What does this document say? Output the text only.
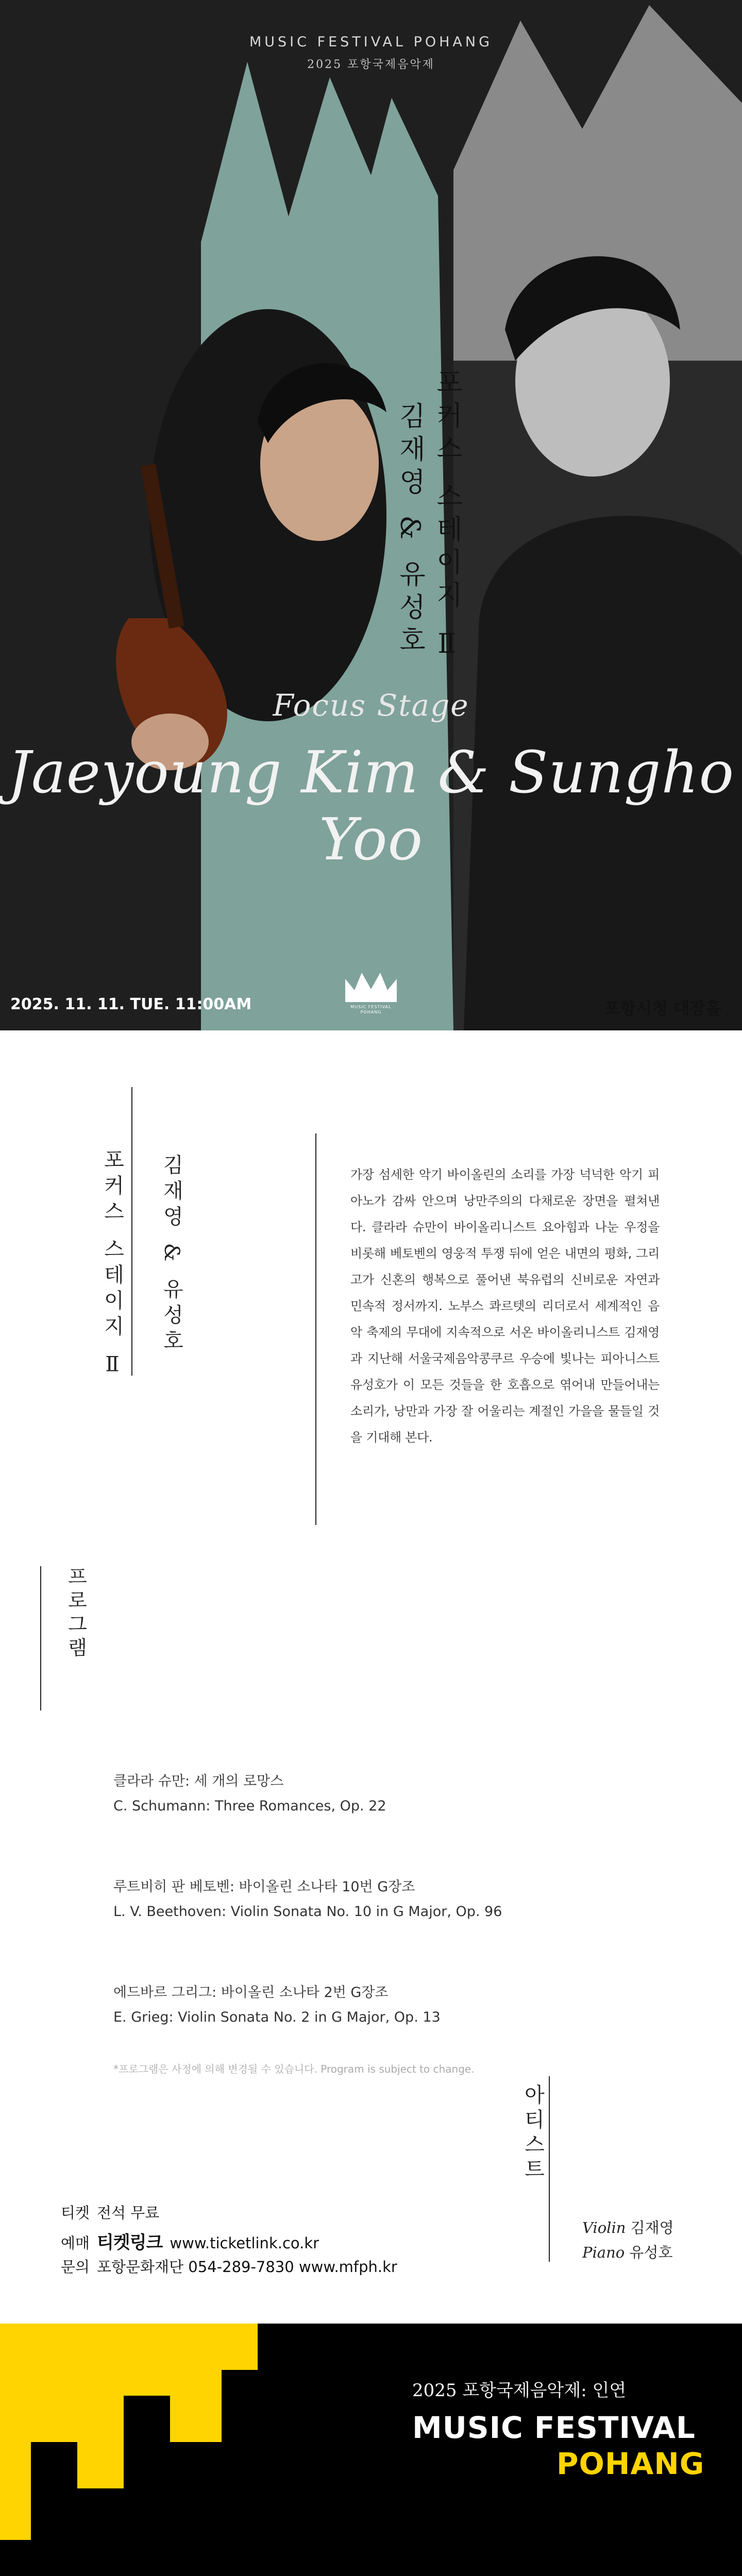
MUSIC FESTIVAL POHANG
2025 포항국제음악제
포커스 스테이지 Ⅱ
김재영 & 유성호
Focus Stage
Jaeyoung Kim & Sungho Yoo
2025. 11. 11. TUE. 11:00AM	MUSIC FESTIVAL POHANG	포항시청 대잠홀
포커스 스테이지 Ⅱ 김재영 & 유성호	가장 섬세한 악기 바이올린의 소리를 가장 넉넉한 악기 피아노가 감싸 안으며 낭만주의의 다채로운 장면을 펼쳐낸다. 클라라 슈만이 바이올리니스트 요아힘과 나눈 우정을 비롯해 베토벤의 영웅적 투쟁 뒤에 얻은 내면의 평화, 그리고가 신혼의 행복으로 풀어낸 북유럽의 신비로운 자연과 민속적 정서까지. 노부스 콰르텟의 리더로서 세계적인 음악 축제의 무대에 지속적으로 서온 바이올리니스트 김재영과 지난해 서울국제음악콩쿠르 우승에 빛나는 피아니스트 유성호가 이 모든 것들을 한 호흡으로 엮어내 만들어내는 소리가, 낭만과 가장 잘 어울리는 계절인 가을을 물들일 것을 기대해 본다.
프로그램
클라라 슈만: 세 개의 로망스
C. Schumann: Three Romances, Op. 22
루트비히 판 베토벤: 바이올린 소나타 10번 G장조
L. V. Beethoven: Violin Sonata No. 10 in G Major, Op. 96
에드바르 그리그: 바이올린 소나타 2번 G장조
E. Grieg: Violin Sonata No. 2 in G Major, Op. 13
*프로그램은 사정에 의해 변경될 수 있습니다. Program is subject to change.
아티스트
Violin 김재영
Piano 유성호
티켓 전석 무료
예매 티켓링크 www.ticketlink.co.kr
문의 포항문화재단 054-289-7830 www.mfph.kr
2025 포항국제음악제: 인연
MUSIC FESTIVAL
POHANG
